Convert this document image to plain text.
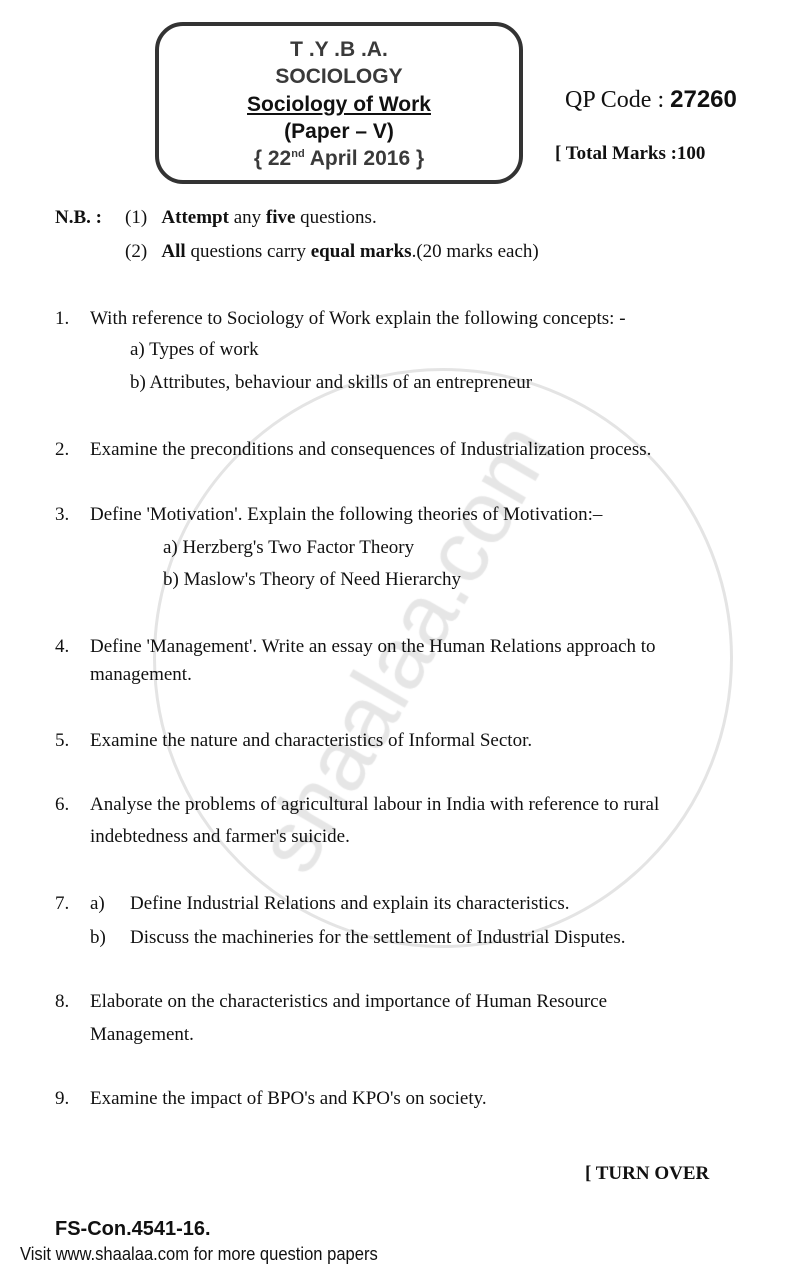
T .Y .B .A.
SOCIOLOGY
Sociology of Work
(Paper – V)
{ 22nd April 2016 }
QP Code : 27260
[ Total Marks :100
N.B. : (1) Attempt any five questions.
(2) All questions carry equal marks.(20 marks each)
1. With reference to Sociology of Work explain the following concepts: -
a) Types of work
b) Attributes, behaviour and skills of an entrepreneur
2. Examine the preconditions and consequences of Industrialization process.
3. Define 'Motivation'. Explain the following theories of Motivation:–
a) Herzberg's Two Factor Theory
b) Maslow's Theory of Need Hierarchy
4. Define 'Management'. Write an essay on the Human Relations approach to
management.
5. Examine the nature and characteristics of Informal Sector.
6. Analyse the problems of agricultural labour in India with reference to rural
indebtedness and farmer's suicide.
7. a) Define Industrial Relations and explain its characteristics.
b) Discuss the machineries for the settlement of Industrial Disputes.
8. Elaborate on the characteristics and importance of Human Resource
Management.
9. Examine the impact of BPO's and KPO's on society.
[ TURN OVER
FS-Con.4541-16.
Visit www.shaalaa.com for more question papers
